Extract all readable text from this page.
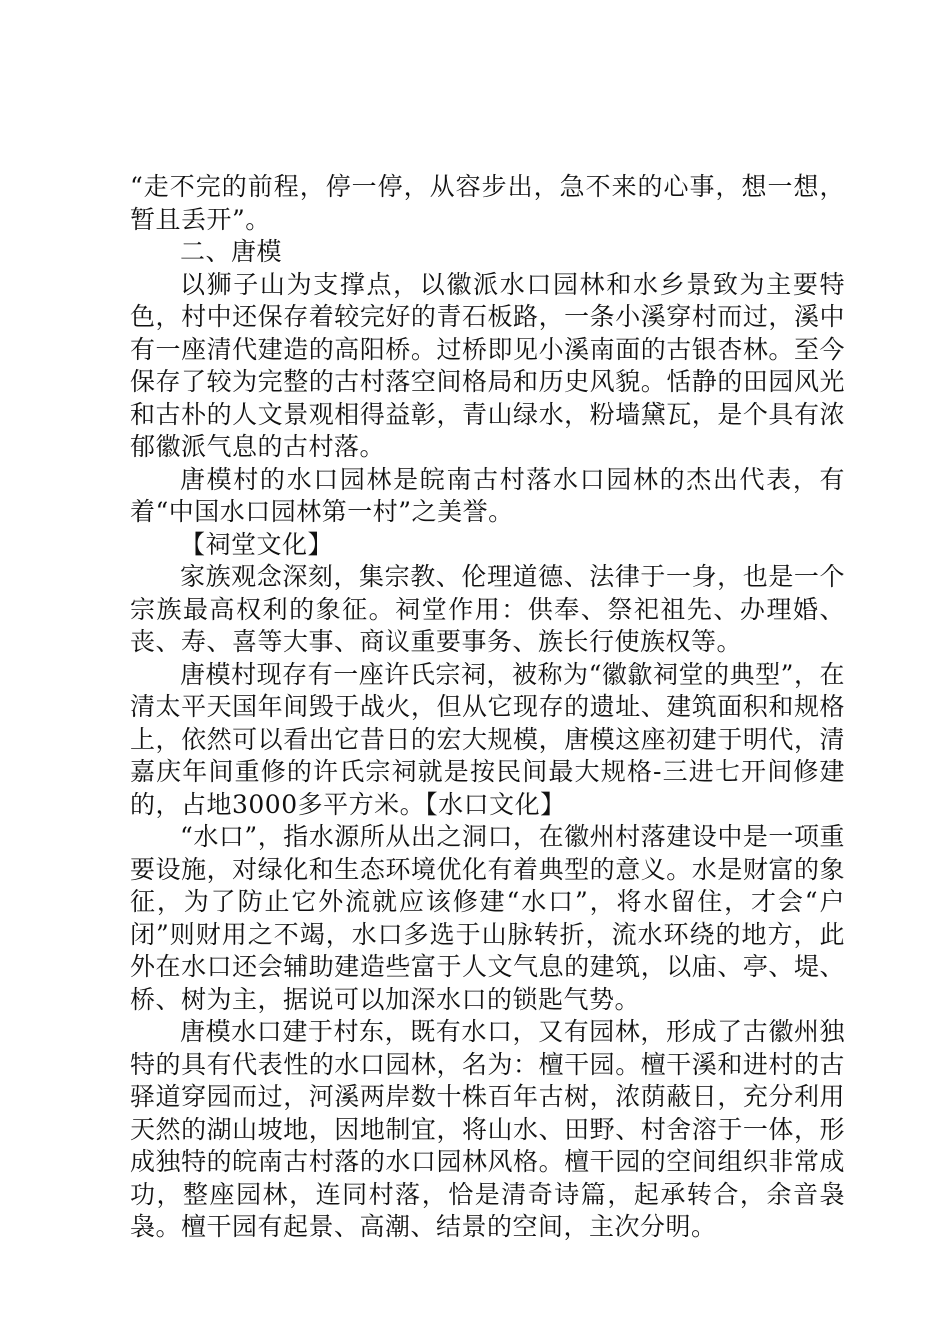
“走不完的前程，停一停，从容步出，急不来的心事，想一想，暂且丢开”。

二、唐模

以狮子山为支撑点，以徽派水口园林和水乡景致为主要特色，村中还保存着较完好的青石板路，一条小溪穿村而过，溪中有一座清代建造的高阳桥。过桥即见小溪南面的古银杏林。至今保存了较为完整的古村落空间格局和历史风貌。恬静的田园风光和古朴的人文景观相得益彰，青山绿水，粉墙黛瓦，是个具有浓郁徽派气息的古村落。

唐模村的水口园林是皖南古村落水口园林的杰出代表，有着“中国水口园林第一村”之美誉。

【祠堂文化】

家族观念深刻，集宗教、伦理道德、法律于一身，也是一个宗族最高权利的象征。祠堂作用：供奉、祭祀祖先、办理婚、丧、寿、喜等大事、商议重要事务、族长行使族权等。

唐模村现存有一座许氏宗祠，被称为“徽歙祠堂的典型”，在清太平天国年间毁于战火，但从它现存的遗址、建筑面积和规格上，依然可以看出它昔日的宏大规模，唐模这座初建于明代，清嘉庆年间重修的许氏宗祠就是按民间最大规格-三进七开间修建的，占地3000多平方米。【水口文化】

“水口”，指水源所从出之洞口，在徽州村落建设中是一项重要设施，对绿化和生态环境优化有着典型的意义。水是财富的象征，为了防止它外流就应该修建“水口”，将水留住，才会“户闭”则财用之不竭，水口多选于山脉转折，流水环绕的地方，此外在水口还会辅助建造些富于人文气息的建筑，以庙、亭、堤、桥、树为主，据说可以加深水口的锁匙气势。

唐模水口建于村东，既有水口，又有园林，形成了古徽州独特的具有代表性的水口园林，名为：檀干园。檀干溪和进村的古驿道穿园而过，河溪两岸数十株百年古树，浓荫蔽日，充分利用天然的湖山坡地，因地制宜，将山水、田野、村舍溶于一体，形成独特的皖南古村落的水口园林风格。檀干园的空间组织非常成功，整座园林，连同村落，恰是清奇诗篇，起承转合，余音袅袅。檀干园有起景、高潮、结景的空间，主次分明。
